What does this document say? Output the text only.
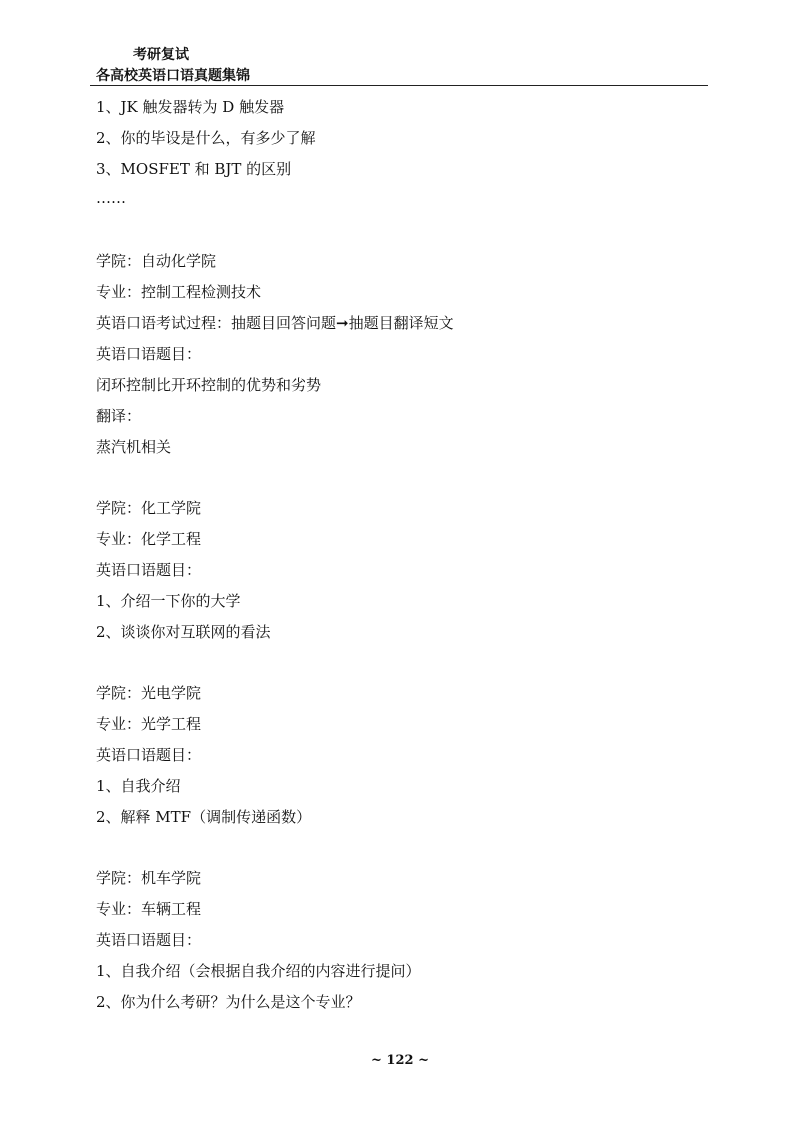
考研复试
各高校英语口语真题集锦
1、JK 触发器转为 D 触发器
2、你的毕设是什么，有多少了解
3、MOSFET 和 BJT 的区别
……
学院：自动化学院
专业：控制工程检测技术
英语口语考试过程：抽题目回答问题➞抽题目翻译短文
英语口语题目：
闭环控制比开环控制的优势和劣势
翻译：
蒸汽机相关
学院：化工学院
专业：化学工程
英语口语题目：
1、介绍一下你的大学
2、谈谈你对互联网的看法
学院：光电学院
专业：光学工程
英语口语题目：
1、自我介绍
2、解释 MTF（调制传递函数）
学院：机车学院
专业：车辆工程
英语口语题目：
1、自我介绍（会根据自我介绍的内容进行提问）
2、你为什么考研？为什么是这个专业？
~ 122 ~
